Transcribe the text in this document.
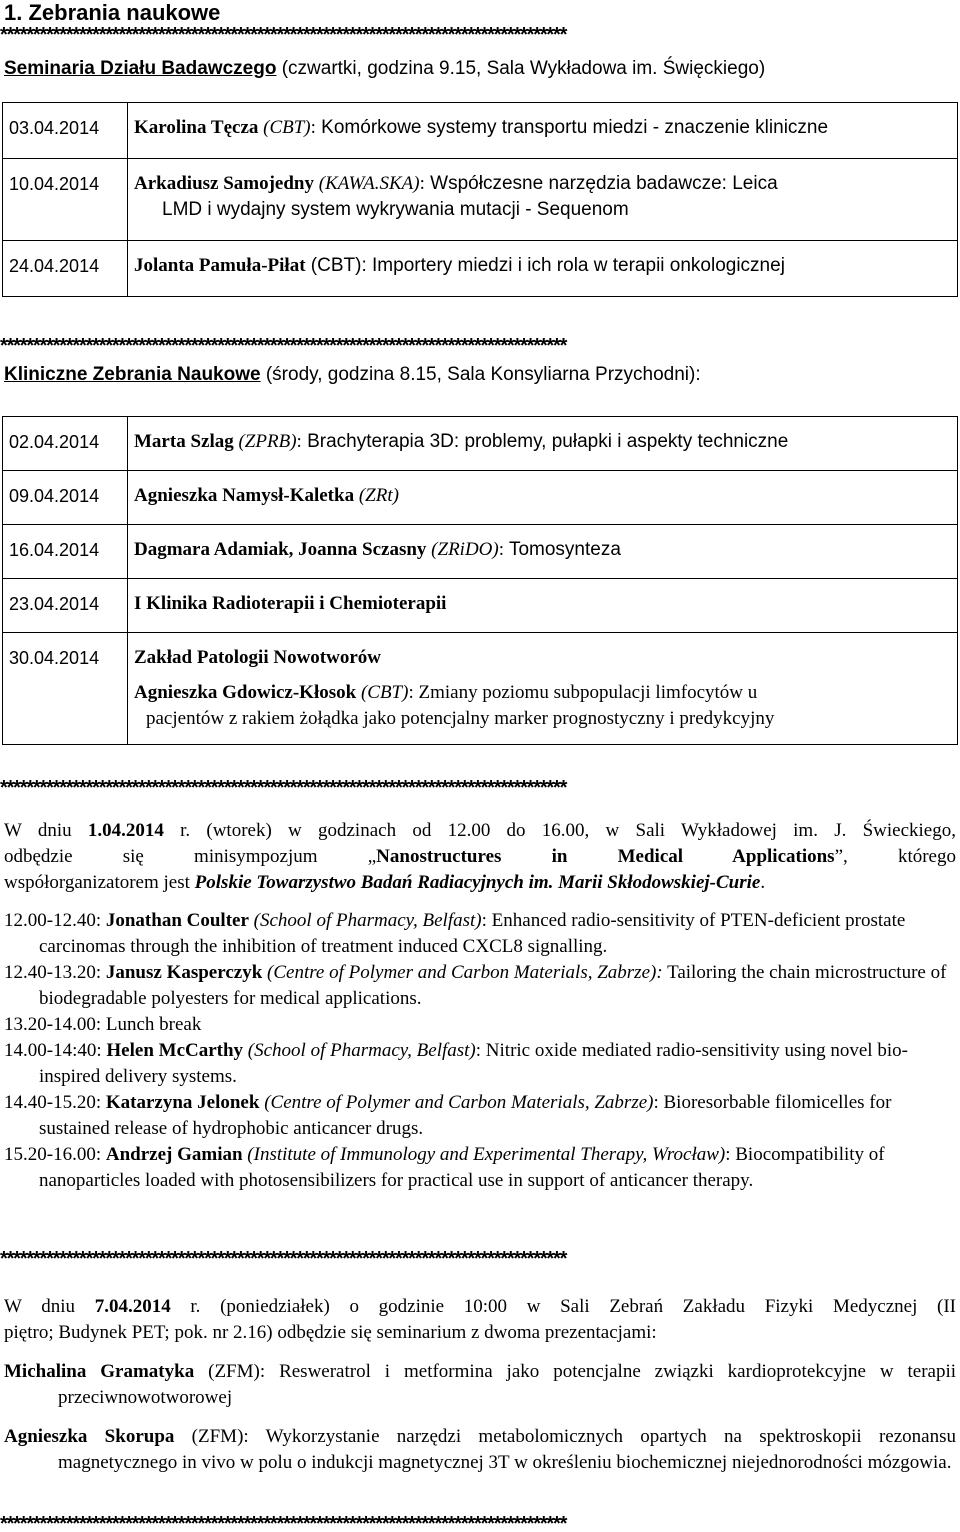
1. Zebrania naukowe
**************************************************************************************
Seminaria Działu Badawczego (czwartki, godzina 9.15, Sala Wykładowa im. Święckiego)
03.04.2014	Karolina Tęcza (CBT): Komórkowe systemy transportu miedzi - znaczenie kliniczne
10.04.2014	Arkadiusz Samojedny (KAWA.SKA): Współczesne narzędzia badawcze: Leica
LMD i wydajny system wykrywania mutacji - Sequenom

24.04.2014	Jolanta Pamuła-Piłat (CBT): Importery miedzi i ich rola w terapii onkologicznej
**************************************************************************************
Kliniczne Zebrania Naukowe (środy, godzina 8.15, Sala Konsyliarna Przychodni):
02.04.2014	Marta Szlag (ZPRB): Brachyterapia 3D: problemy, pułapki i aspekty techniczne
09.04.2014	Agnieszka Namysł-Kaletka (ZRt)
16.04.2014	Dagmara Adamiak, Joanna Sczasny (ZRiDO): Tomosynteza
23.04.2014	I Klinika Radioterapii i Chemioterapii
30.04.2014	Zakład Patologii Nowotworów
Agnieszka Gdowicz-Kłosok (CBT): Zmiany poziomu subpopulacji limfocytów u
pacjentów z rakiem żołądka jako potencjalny marker prognostyczny i predykcyjny
**************************************************************************************
W dniu 1.04.2014 r. (wtorek) w godzinach od 12.00 do 16.00, w Sali Wykładowej im. J. Świeckiego,
odbędzie się minisympozjum „Nanostructures in Medical Applications”, którego
współorganizatorem jest Polskie Towarzystwo Badań Radiacyjnych im. Marii Skłodowskiej-Curie.
12.00-12.40: Jonathan Coulter (School of Pharmacy, Belfast): Enhanced radio-sensitivity of PTEN-deficient prostate carcinomas through the inhibition of treatment induced CXCL8 signalling.
12.40-13.20: Janusz Kasperczyk (Centre of Polymer and Carbon Materials, Zabrze): Tailoring the chain microstructure of biodegradable polyesters for medical applications.
13.20-14.00: Lunch break
14.00-14:40: Helen McCarthy (School of Pharmacy, Belfast): Nitric oxide mediated radio-sensitivity using novel bio-inspired delivery systems.
14.40-15.20: Katarzyna Jelonek (Centre of Polymer and Carbon Materials, Zabrze): Bioresorbable filomicelles for sustained release of hydrophobic anticancer drugs.
15.20-16.00: Andrzej Gamian (Institute of Immunology and Experimental Therapy, Wrocław): Biocompatibility of nanoparticles loaded with photosensibilizers for practical use in support of anticancer therapy.
**************************************************************************************
W dniu 7.04.2014 r. (poniedziałek) o godzinie 10:00 w Sali Zebrań Zakładu Fizyki Medycznej (II
piętro; Budynek PET; pok. nr 2.16) odbędzie się seminarium z dwoma prezentacjami:
Michalina Gramatyka (ZFM): Resweratrol i metformina jako potencjalne związki kardioprotekcyjne w terapii przeciwnowotworowej
Agnieszka Skorupa (ZFM): Wykorzystanie narzędzi metabolomicznych opartych na spektroskopii rezonansu magnetycznego in vivo w polu o indukcji magnetycznej 3T w określeniu biochemicznej niejednorodności mózgowia.
**************************************************************************************
